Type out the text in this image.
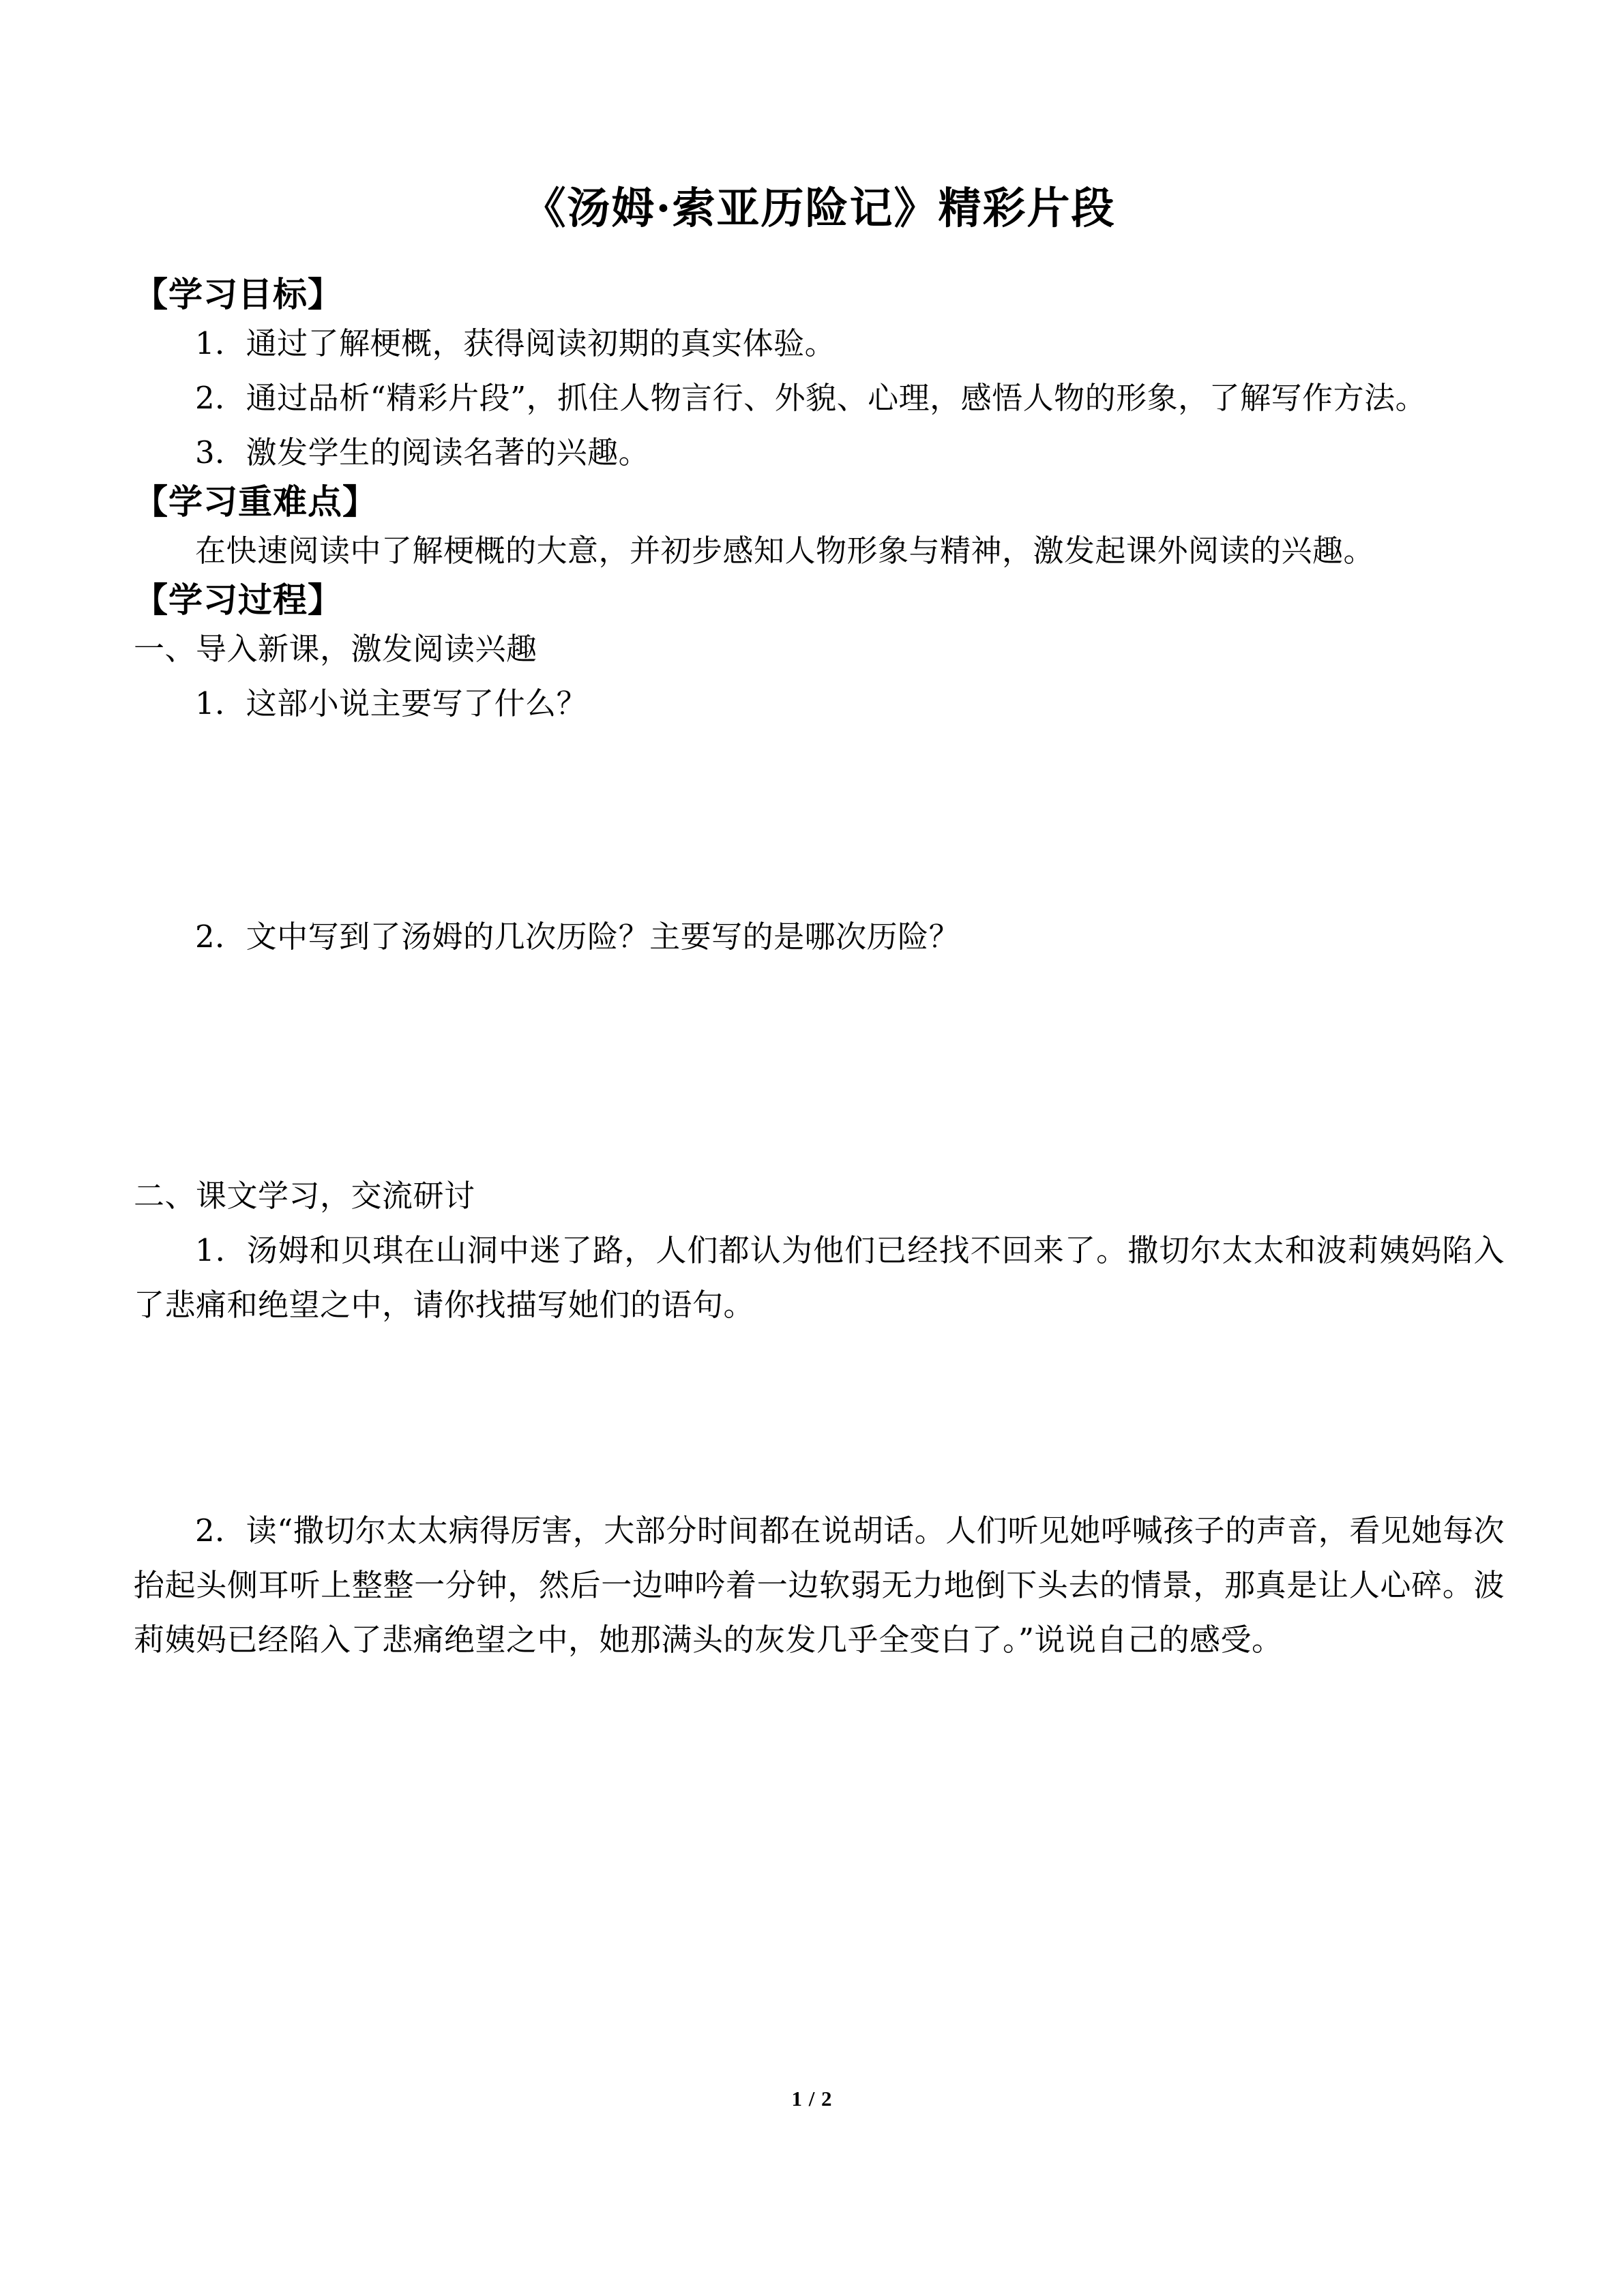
《汤姆·索亚历险记》精彩片段
【学习目标】

1．通过了解梗概，获得阅读初期的真实体验。

2．通过品析“精彩片段”，抓住人物言行、外貌、心理，感悟人物的形象，了解写作方法。

3．激发学生的阅读名著的兴趣。

【学习重难点】

在快速阅读中了解梗概的大意，并初步感知人物形象与精神，激发起课外阅读的兴趣。

【学习过程】

一、导入新课，激发阅读兴趣

1．这部小说主要写了什么？

2．文中写到了汤姆的几次历险？主要写的是哪次历险？

二、课文学习，交流研讨

1．汤姆和贝琪在山洞中迷了路，人们都认为他们已经找不回来了。撒切尔太太和波莉姨妈陷入了悲痛和绝望之中，请你找描写她们的语句。

2．读“撒切尔太太病得厉害，大部分时间都在说胡话。人们听见她呼喊孩子的声音，看见她每次抬起头侧耳听上整整一分钟，然后一边呻吟着一边软弱无力地倒下头去的情景，那真是让人心碎。波莉姨妈已经陷入了悲痛绝望之中，她那满头的灰发几乎全变白了。”说说自己的感受。

1 / 2
